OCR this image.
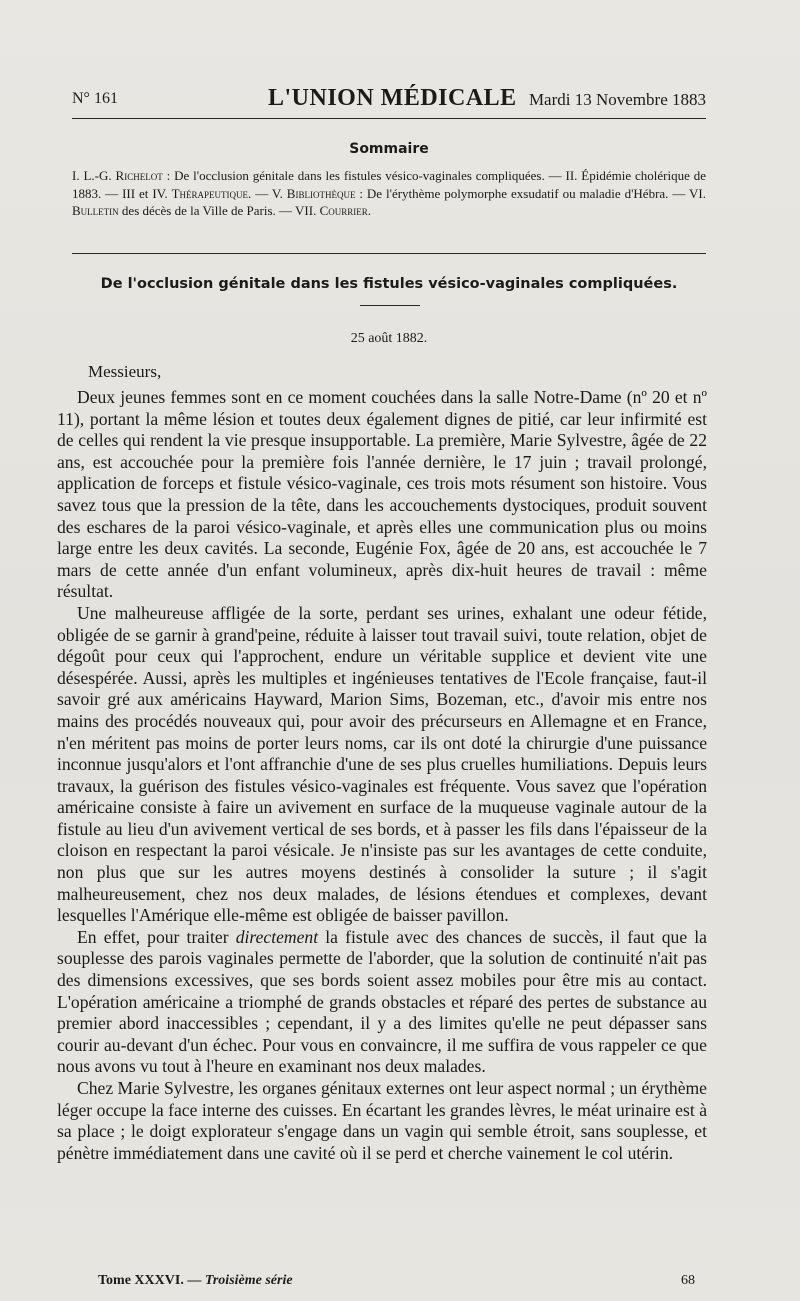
N° 161	L'UNION MÉDICALE Mardi 13 Novembre 1883
Sommaire
I. L.-G. Richelot : De l'occlusion génitale dans les fistules vésico-vaginales compliquées. — II. Épidémie cholérique de 1883. — III et IV. Thérapeutique. — V. Bibliothèque : De l'érythème polymorphe exsudatif ou maladie d'Hébra. — VI. Bulletin des décès de la Ville de Paris. — VII. Courrier.
De l'occlusion génitale dans les fistules vésico-vaginales compliquées.
25 août 1882.
Messieurs,

Deux jeunes femmes sont en ce moment couchées dans la salle Notre-Dame (nº 20 et nº 11), portant la même lésion et toutes deux également dignes de pitié, car leur infirmité est de celles qui rendent la vie presque insupportable. La première, Marie Sylvestre, âgée de 22 ans, est accouchée pour la première fois l'année dernière, le 17 juin ; travail prolongé, application de forceps et fistule vésico-vaginale, ces trois mots résument son histoire. Vous savez tous que la pression de la tête, dans les accouchements dystociques, produit souvent des eschares de la paroi vésico-vaginale, et après elles une communication plus ou moins large entre les deux cavités. La seconde, Eugénie Fox, âgée de 20 ans, est accouchée le 7 mars de cette année d'un enfant volumineux, après dix-huit heures de travail : même résultat.

Une malheureuse affligée de la sorte, perdant ses urines, exhalant une odeur fétide, obligée de se garnir à grand'peine, réduite à laisser tout travail suivi, toute relation, objet de dégoût pour ceux qui l'approchent, endure un véritable supplice et devient vite une désespérée. Aussi, après les multiples et ingénieuses tentatives de l'Ecole française, faut-il savoir gré aux américains Hayward, Marion Sims, Bozeman, etc., d'avoir mis entre nos mains des procédés nouveaux qui, pour avoir des précurseurs en Allemagne et en France, n'en méritent pas moins de porter leurs noms, car ils ont doté la chirurgie d'une puissance inconnue jusqu'alors et l'ont affranchie d'une de ses plus cruelles humiliations. Depuis leurs travaux, la guérison des fistules vésico-vaginales est fréquente. Vous savez que l'opération américaine consiste à faire un avivement en surface de la muqueuse vaginale autour de la fistule au lieu d'un avivement vertical de ses bords, et à passer les fils dans l'épaisseur de la cloison en respectant la paroi vésicale. Je n'insiste pas sur les avantages de cette conduite, non plus que sur les autres moyens destinés à consolider la suture ; il s'agit malheureusement, chez nos deux malades, de lésions étendues et complexes, devant lesquelles l'Amérique elle-même est obligée de baisser pavillon.

En effet, pour traiter directement la fistule avec des chances de succès, il faut que la souplesse des parois vaginales permette de l'aborder, que la solution de continuité n'ait pas des dimensions excessives, que ses bords soient assez mobiles pour être mis au contact. L'opération américaine a triomphé de grands obstacles et réparé des pertes de substance au premier abord inaccessibles ; cependant, il y a des limites qu'elle ne peut dépasser sans courir au-devant d'un échec. Pour vous en convaincre, il me suffira de vous rappeler ce que nous avons vu tout à l'heure en examinant nos deux malades.

Chez Marie Sylvestre, les organes génitaux externes ont leur aspect normal ; un érythème léger occupe la face interne des cuisses. En écartant les grandes lèvres, le méat urinaire est à sa place ; le doigt explorateur s'engage dans un vagin qui semble étroit, sans souplesse, et pénètre immédiatement dans une cavité où il se perd et cherche vainement le col utérin.

Tome XXXVI. — Troisième série	68
